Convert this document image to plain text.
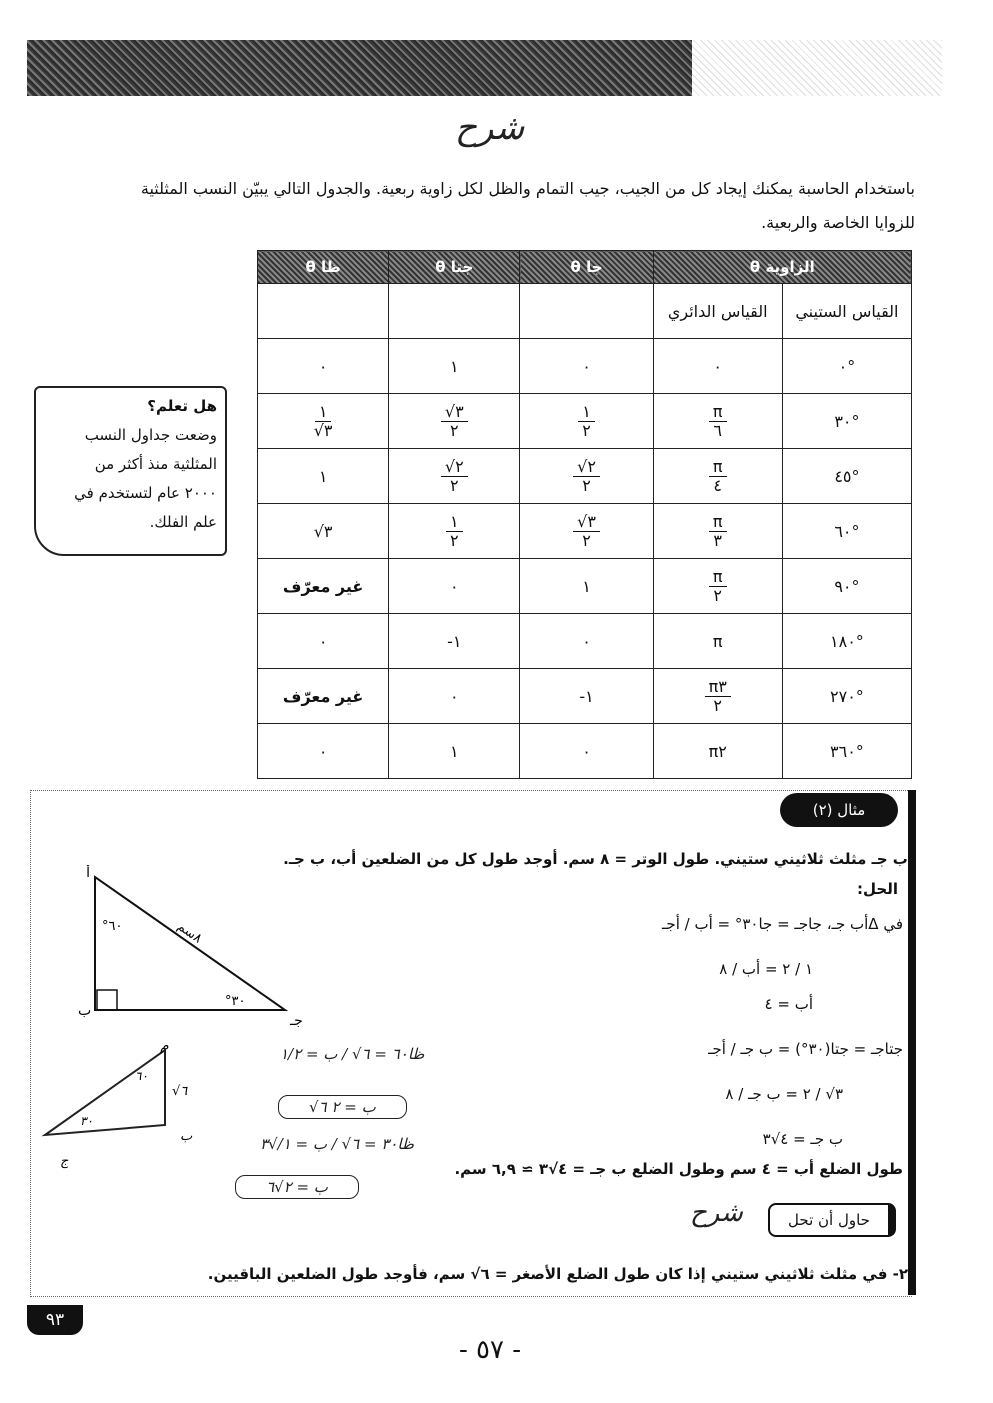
شرح
باستخدام الحاسبة يمكنك إيجاد كل من الجيب، جيب التمام والظل لكل زاوية ربعية. والجدول التالي يبيّن النسب المثلثية
للزوايا الخاصة والربعية.
الزاوية θ		جا θ	جتا θ	ظا θ
القياس الستيني	القياس الدائري			
°٠	٠	٠	١	٠
°٣٠	$\frac{\pi}{٦}$	$\frac{١}{٢}$	$\frac{٣√}{٢}$	$\frac{١}{٣√}$

°٤٥	$\frac{\pi}{٤}$	$\frac{٢√}{٢}$	$\frac{٢√}{٢}$	١
°٦٠	$\frac{\pi}{٣}$	$\frac{٣√}{٢}$	$\frac{١}{٢}$	٣√
°٩٠	$\frac{\pi}{٢}$	١	٠	غير معرّف
°١٨٠	π	٠	١-	٠
°٢٧٠	$\frac{\pi ٣}{٢}$	١-	٠	غير معرّف
°٣٦٠	π٢	٠	١	٠
هل تعلم؟
وضعت جداول النسب
المثلثية منذ أكثر من
٢٠٠٠ عام لتستخدم في
علم الفلك.
مثال (٢)
أب جـ مثلث ثلاثيني ستيني. طول الوتر = ٨ سم. أوجد طول كل من الضلعين أب، ب جـ.
الحل:
في Δأب جـ، جاجـ = جا٣٠° = أب / أجـ
١ / ٢ = أب / ٨
أب = ٤
جتاجـ = جتا(٣٠°) = ب جـ / أجـ
٣√ / ٢ = ب جـ / ٨
ب جـ = ٤√٣
طول الضلع أب = ٤ سم وطول الضلع ب جـ = ٤√٣ ≃ ٦,٩ سم.
أ
ب
جـ
°٦٠
°٣٠
٨سم
م
√٦
ب
ج
٦٠
٣٠
ظا٦٠ = ٦√ / ب = ١/٢
ب = ٢ ٦√
ظا٣٠ = ٦√ / ب = ١/√٣
ب = ٢√٦
حاول أن تحل
شرح
٢- في مثلث ثلاثيني ستيني إذا كان طول الضلع الأصغر = ٦√ سم، فأوجد طول الضلعين الباقيين.
٩٣
- ٥٧ -
